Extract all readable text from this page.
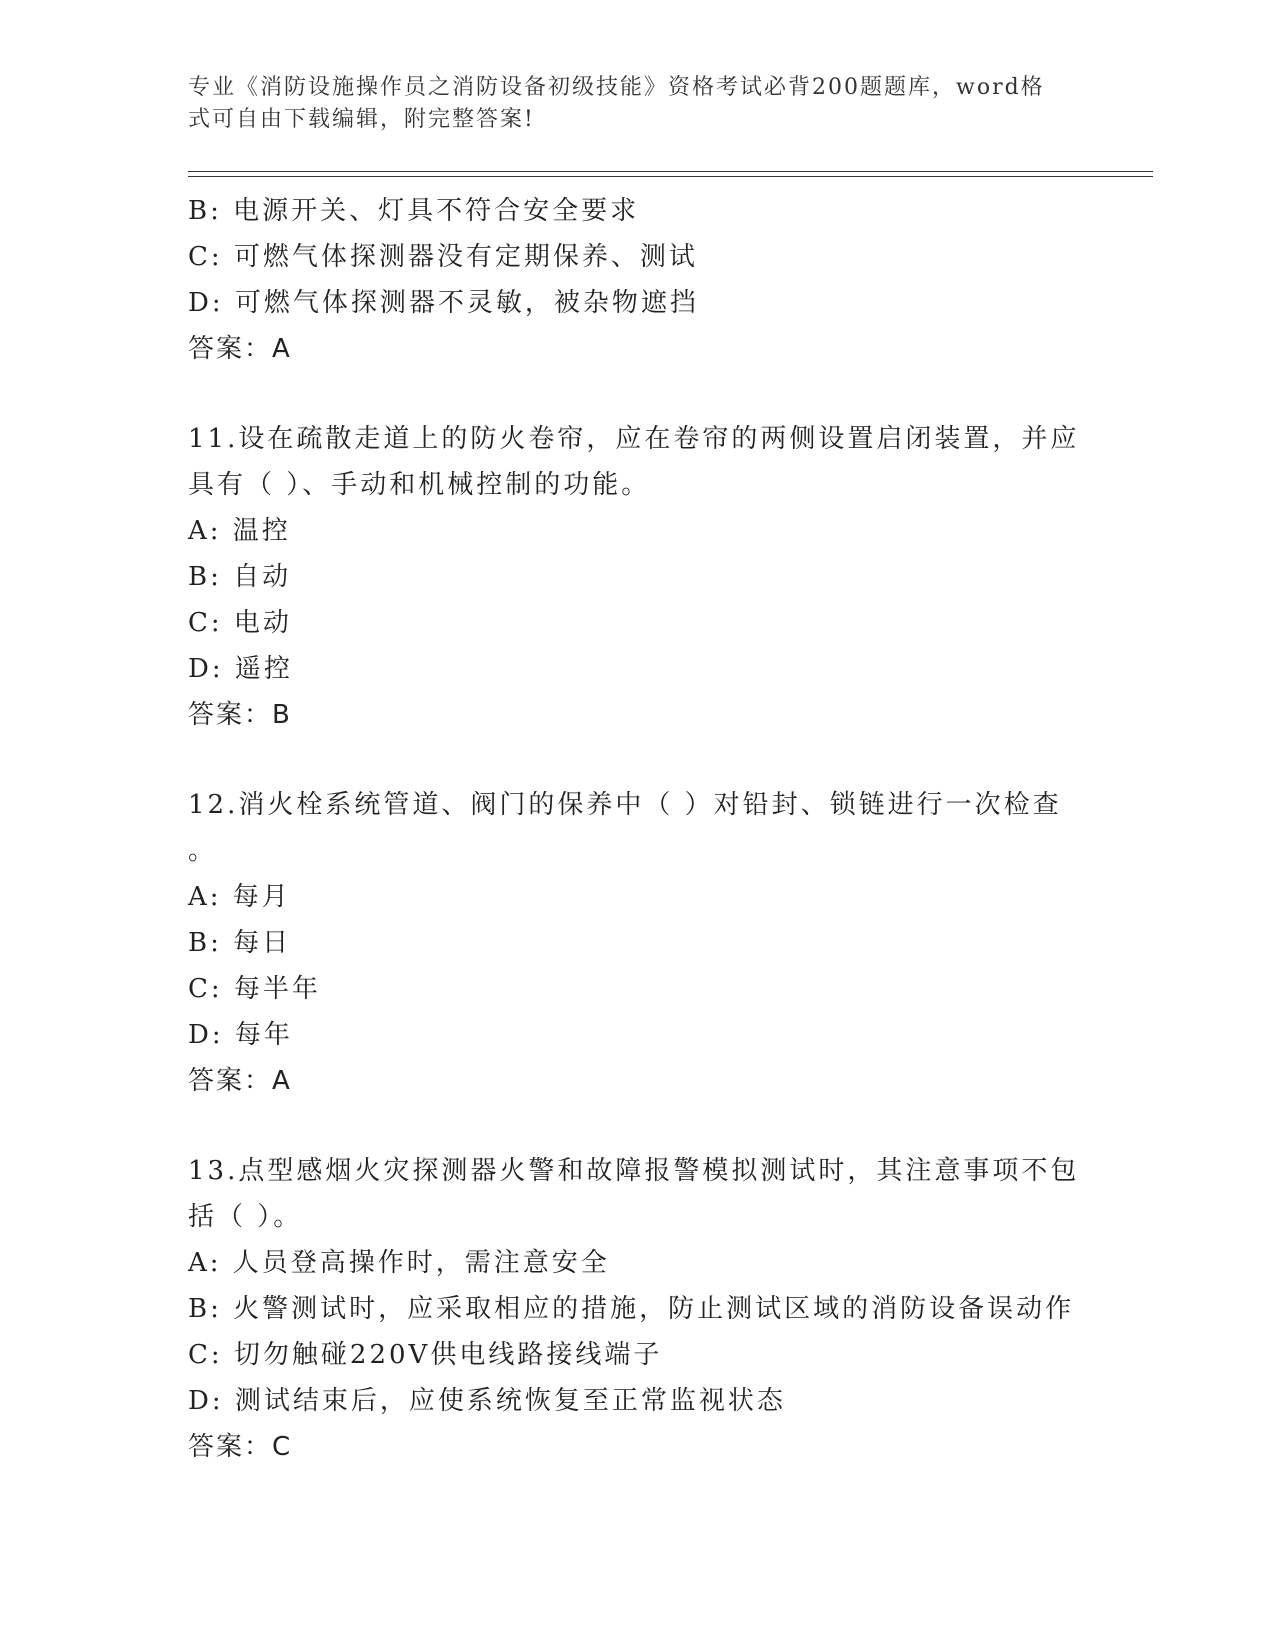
专业《消防设施操作员之消防设备初级技能》资格考试必背200题题库，word格
式可自由下载编辑，附完整答案!
B: 电源开关、灯具不符合安全要求
C: 可燃气体探测器没有定期保养、测试
D: 可燃气体探测器不灵敏，被杂物遮挡
答案：A
11.设在疏散走道上的防火卷帘，应在卷帘的两侧设置启闭装置，并应
具有（ ）、手动和机械控制的功能。
A: 温控
B: 自动
C: 电动
D: 遥控
答案：B
12.消火栓系统管道、阀门的保养中（ ）对铅封、锁链进行一次检查
。
A: 每月
B: 每日
C: 每半年
D: 每年
答案：A
13.点型感烟火灾探测器火警和故障报警模拟测试时，其注意事项不包
括（ ）。
A: 人员登高操作时，需注意安全
B: 火警测试时，应采取相应的措施，防止测试区域的消防设备误动作
C: 切勿触碰220V供电线路接线端子
D: 测试结束后，应使系统恢复至正常监视状态
答案：C
